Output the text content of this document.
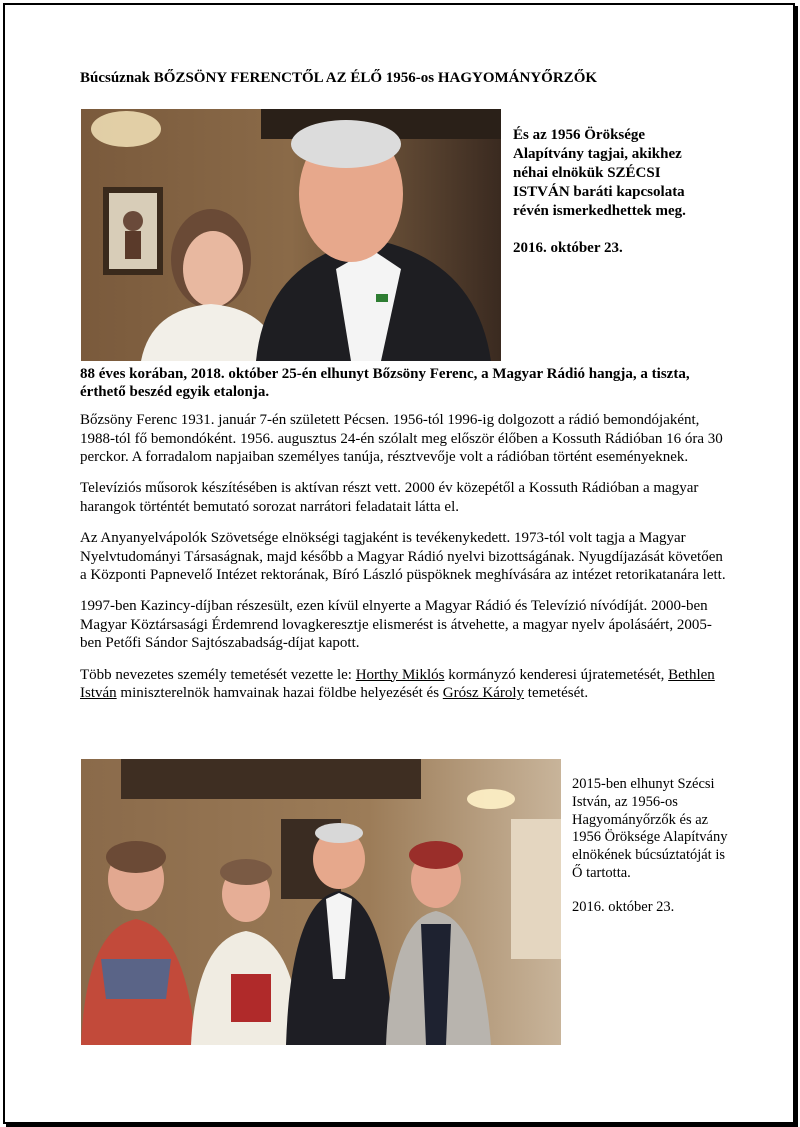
Búcsúznak BŐZSÖNY FERENCTŐL AZ ÉLŐ 1956-os HAGYOMÁNYŐRZŐK
És az 1956 Öröksége Alapítvány tagjai, akikhez néhai elnökük SZÉCSI ISTVÁN baráti kapcsolata révén ismerkedhettek meg.
2016. október 23.
88 éves korában, 2018. október 25-én elhunyt Bőzsöny Ferenc, a Magyar Rádió hangja, a tiszta, érthető beszéd egyik etalonja.

Bőzsöny Ferenc 1931. január 7-én született Pécsen. 1956-tól 1996-ig dolgozott a rádió bemondójaként, 1988-tól fő bemondóként. 1956. augusztus 24-én szólalt meg először élőben a Kossuth Rádióban 16 óra 30 perckor. A forradalom napjaiban személyes tanúja, résztvevője volt a rádióban történt eseményeknek.

Televíziós műsorok készítésében is aktívan részt vett. 2000 év közepétől a Kossuth Rádióban a magyar harangok történtét bemutató sorozat narrátori feladatait látta el.

Az Anyanyelvápolók Szövetsége elnökségi tagjaként is tevékenykedett. 1973-tól volt tagja a Magyar Nyelvtudományi Társaságnak, majd később a Magyar Rádió nyelvi bizottságának. Nyugdíjazását követően a Központi Papnevelő Intézet rektorának, Bíró László püspöknek meghívására az intézet retorikatanára lett.

1997-ben Kazincy-díjban részesült, ezen kívül elnyerte a Magyar Rádió és Televízió nívódíját. 2000-ben Magyar Köztársasági Érdemrend lovagkeresztje elismerést is átvehette, a magyar nyelv ápolásáért, 2005-ben Petőfi Sándor Sajtószabadság-díjat kapott.

Több nevezetes személy temetését vezette le: Horthy Miklós kormányzó kenderesi újratemetését, Bethlen István miniszterelnök hamvainak hazai földbe helyezését és Grósz Károly temetését.

2015-ben elhunyt Szécsi István, az 1956-os Hagyományőrzők és az 1956 Öröksége Alapítvány elnökének búcsúztatóját is Ő tartotta.
2016. október 23.
